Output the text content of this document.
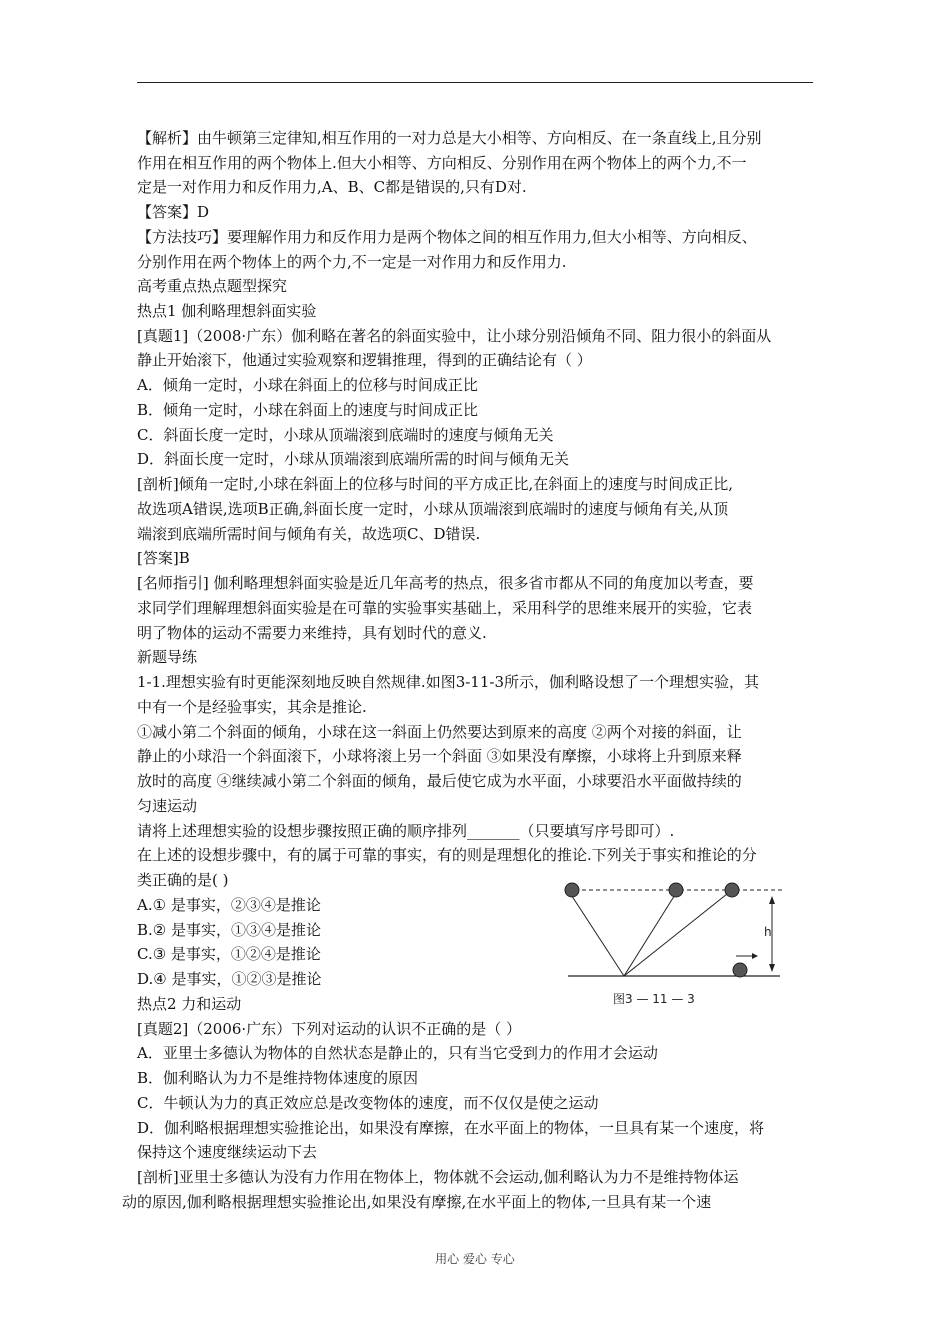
【解析】由牛顿第三定律知,相互作用的一对力总是大小相等、方向相反、在一条直线上,且分别
作用在相互作用的两个物体上.但大小相等、方向相反、分别作用在两个物体上的两个力,不一
定是一对作用力和反作用力,A、B、C都是错误的,只有D对.
【答案】D
【方法技巧】要理解作用力和反作用力是两个物体之间的相互作用力,但大小相等、方向相反、
分别作用在两个物体上的两个力,不一定是一对作用力和反作用力.
高考重点热点题型探究
热点1 伽利略理想斜面实验
[真题1]（2008·广东）伽利略在著名的斜面实验中，让小球分别沿倾角不同、阻力很小的斜面从
静止开始滚下，他通过实验观察和逻辑推理，得到的正确结论有（ ）
A．倾角一定时，小球在斜面上的位移与时间成正比
B．倾角一定时，小球在斜面上的速度与时间成正比
C．斜面长度一定时，小球从顶端滚到底端时的速度与倾角无关
D．斜面长度一定时，小球从顶端滚到底端所需的时间与倾角无关
[剖析]倾角一定时,小球在斜面上的位移与时间的平方成正比,在斜面上的速度与时间成正比,
故选项A错误,选项B正确,斜面长度一定时，小球从顶端滚到底端时的速度与倾角有关,从顶
端滚到底端所需时间与倾角有关，故选项C、D错误.
[答案]B
[名师指引] 伽利略理想斜面实验是近几年高考的热点，很多省市都从不同的角度加以考查，要
求同学们理解理想斜面实验是在可靠的实验事实基础上，采用科学的思维来展开的实验，它表
明了物体的运动不需要力来维持，具有划时代的意义.
新题导练
1-1.理想实验有时更能深刻地反映自然规律.如图3-11-3所示，伽利略设想了一个理想实验，其
中有一个是经验事实，其余是推论.
①减小第二个斜面的倾角，小球在这一斜面上仍然要达到原来的高度 ②两个对接的斜面，让
静止的小球沿一个斜面滚下，小球将滚上另一个斜面 ③如果没有摩擦，小球将上升到原来释
放时的高度 ④继续减小第二个斜面的倾角，最后使它成为水平面，小球要沿水平面做持续的
匀速运动
请将上述理想实验的设想步骤按照正确的顺序排列_______（只要填写序号即可）.
在上述的设想步骤中，有的属于可靠的事实，有的则是理想化的推论.下列关于事实和推论的分
类正确的是( )
A.① 是事实，②③④是推论
B.② 是事实，①③④是推论
C.③ 是事实，①②④是推论
D.④ 是事实，①②③是推论
热点2 力和运动
[真题2]（2006·广东）下列对运动的认识不正确的是（ ）
A．亚里士多德认为物体的自然状态是静止的，只有当它受到力的作用才会运动
B．伽利略认为力不是维持物体速度的原因
C．牛顿认为力的真正效应总是改变物体的速度，而不仅仅是使之运动
D．伽利略根据理想实验推论出，如果没有摩擦，在水平面上的物体，一旦具有某一个速度，将
保持这个速度继续运动下去
[剖析]亚里士多德认为没有力作用在物体上，物体就不会运动,伽利略认为力不是维持物体运
动的原因,伽利略根据理想实验推论出,如果没有摩擦,在水平面上的物体,一旦具有某一个速
h
图3 — 11 — 3
用心 爱心 专心
